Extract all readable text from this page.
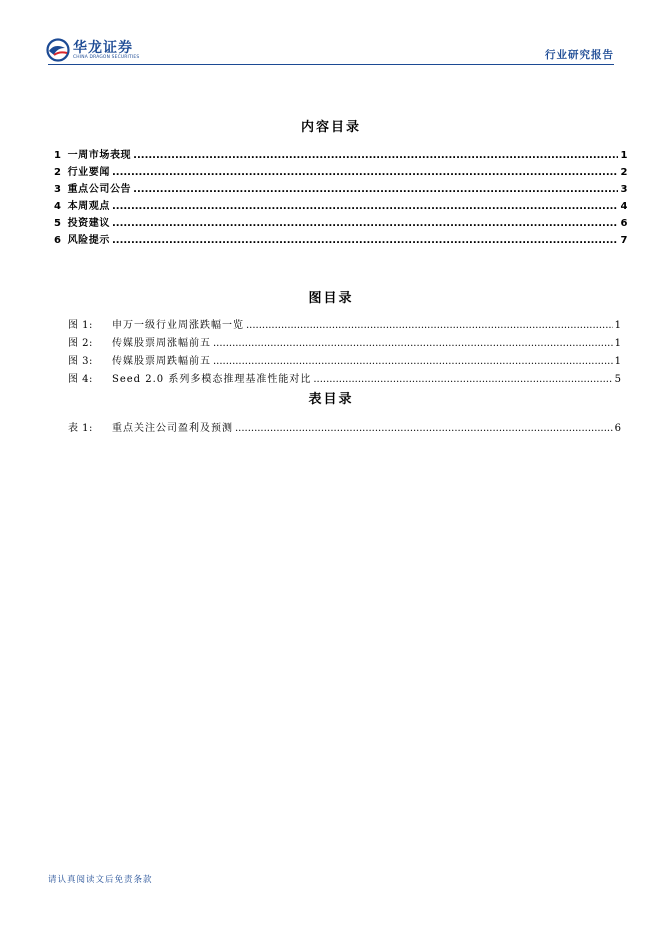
华龙证券
CHINA DRAGON SECURITIES	行业研究报告
内容目录
1 一周市场表现 .....	1
2 行业要闻 .....	2
3 重点公司公告 .....	3
4 本周观点 .....	4
5 投资建议 .....	6
6 风险提示 .....	7
图目录
图 1:	申万一级行业周涨跌幅一览 .....	1
图 2:	传媒股票周涨幅前五 .....	1
图 3:	传媒股票周跌幅前五 .....	1
图 4:	Seed 2.0 系列多模态推理基准性能对比 .....	5
表目录
表 1:	重点关注公司盈利及预测 .....	6
请认真阅读文后免责条款
